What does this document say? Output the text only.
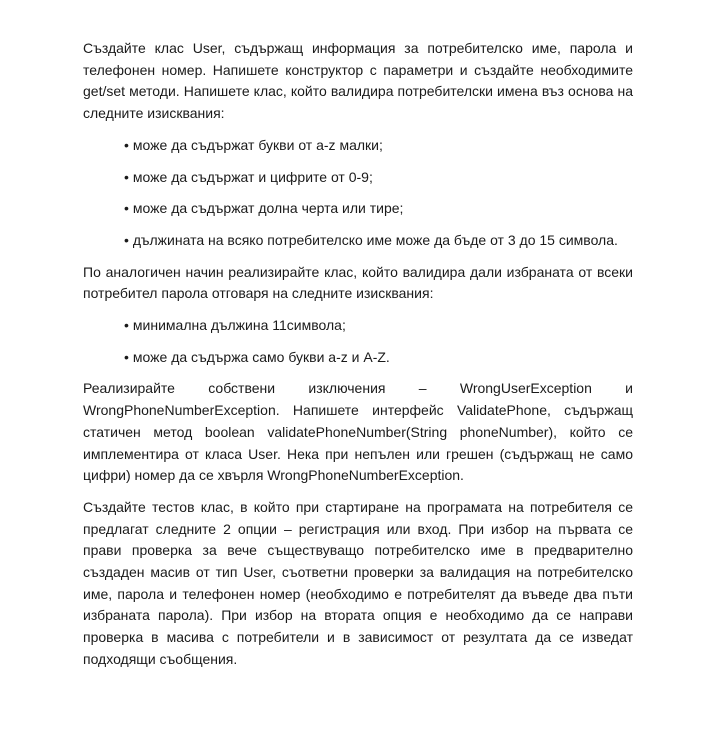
Създайте клас User, съдържащ информация за потребителско име, парола и телефонен номер. Напишете конструктор с параметри и създайте необходимите get/set методи. Напишете клас, който валидира потребителски имена въз основа на следните изисквания:

• може да съдържат букви от a-z малки;
• може да съдържат и цифрите от 0-9;
• може да съдържат долна черта или тире;
• дължината на всяко потребителско име може да бъде от 3 до 15 символа.

По аналогичен начин реализирайте клас, който валидира дали избраната от всеки потребител парола отговаря на следните изисквания:

• минимална дължина 11символа;
• може да съдържа само букви a-z и A-Z.

Реализирайте собствени изключения – WrongUserException и WrongPhoneNumberException. Напишете интерфейс ValidatePhone, съдържащ статичен метод boolean validatePhoneNumber(String phoneNumber), който се имплементира от класа User. Нека при непълен или грешен (съдържащ не само цифри) номер да се хвърля WrongPhoneNumberException.

Създайте тестов клас, в който при стартиране на програмата на потребителя се предлагат следните 2 опции – регистрация или вход. При избор на първата се прави проверка за вече съществуващо потребителско име в предварително създаден масив от тип User, съответни проверки за валидация на потребителско име, парола и телефонен номер (необходимо е потребителят да въведе два пъти избраната парола). При избор на втората опция е необходимо да се направи проверка в масива с потребители и в зависимост от резултата да се изведат подходящи съобщения.
